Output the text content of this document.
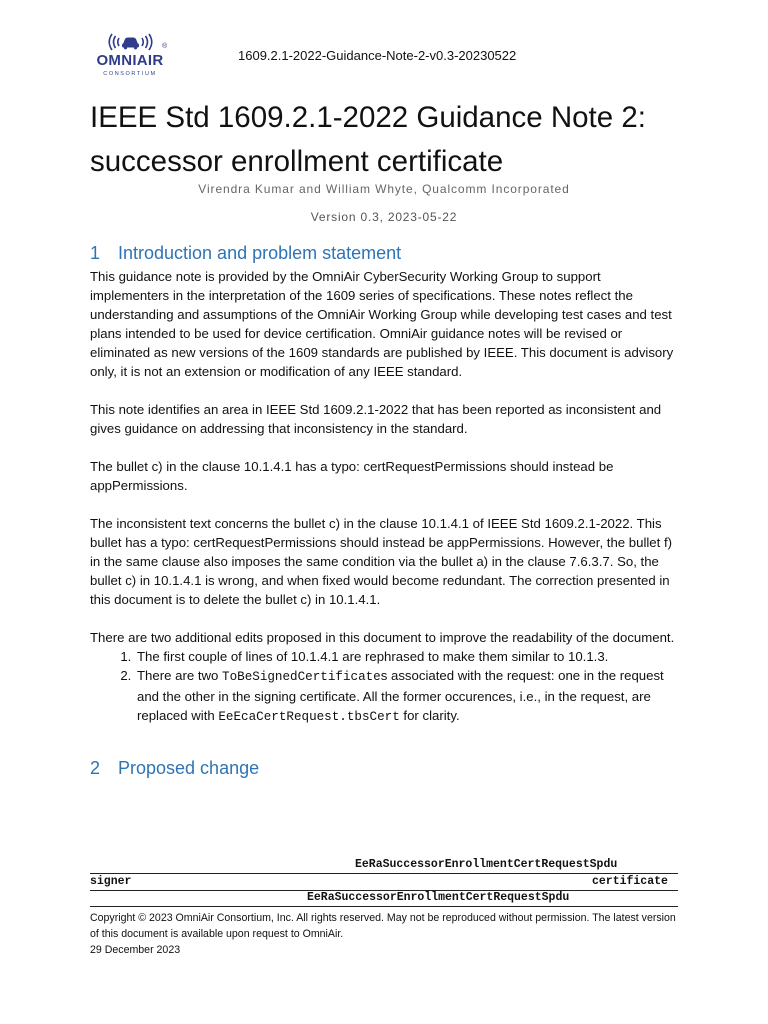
OMNIAIR
®
CONSORTIUM
1609.2.1-2022-Guidance-Note-2-v0.3-20230522
IEEE Std 1609.2.1-2022 Guidance Note 2:
successor enrollment certificate
Virendra Kumar and William Whyte, Qualcomm Incorporated
Version 0.3, 2023-05-22
1 Introduction and problem statement

This guidance note is provided by the OmniAir CyberSecurity Working Group to support implementers in the interpretation of the 1609 series of specifications. These notes reflect the understanding and assumptions of the OmniAir Working Group while developing test cases and test plans intended to be used for device certification. OmniAir guidance notes will be revised or eliminated as new versions of the 1609 standards are published by IEEE. This document is advisory only, it is not an extension or modification of any IEEE standard.

This note identifies an area in IEEE Std 1609.2.1-2022 that has been reported as inconsistent and gives guidance on addressing that inconsistency in the standard.

The bullet c) in the clause 10.1.4.1 has a typo: certRequestPermissions should instead be appPermissions.

The inconsistent text concerns the bullet c) in the clause 10.1.4.1 of IEEE Std 1609.2.1-2022. This bullet has a typo: certRequestPermissions should instead be appPermissions. However, the bullet f) in the same clause also imposes the same condition via the bullet a) in the clause 7.6.3.7. So, the bullet c) in 10.1.4.1 is wrong, and when fixed would become redundant. The correction presented in this document is to delete the bullet c) in 10.1.4.1.

There are two additional edits proposed in this document to improve the readability of the document.

1. The first couple of lines of 10.1.4.1 are rephrased to make them similar to 10.1.3.
2. There are two ToBeSignedCertificates associated with the request: one in the request and the other in the signing certificate. All the former occurences, i.e., in the request, are replaced with EeEcaCertRequest.tbsCert for clarity.
2 Proposed change
EeRaSuccessorEnrollmentCertRequestSpdu
signer	certificate
EeRaSuccessorEnrollmentCertRequestSpdu
Copyright © 2023 OmniAir Consortium, Inc. All rights reserved. May not be reproduced without permission. The latest version of this document is available upon request to OmniAir.
29 December 2023
